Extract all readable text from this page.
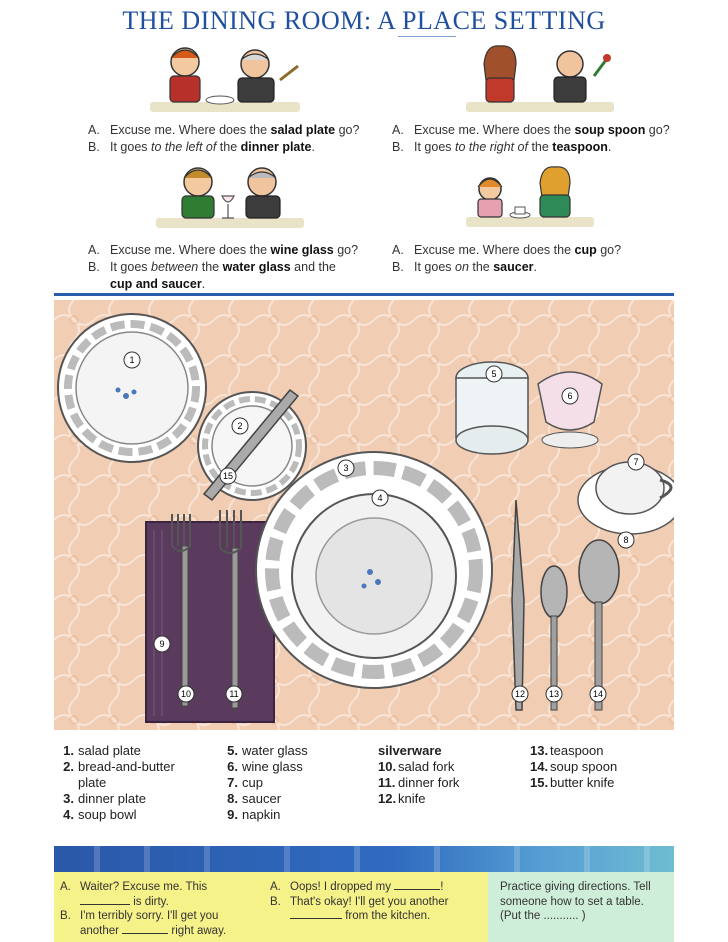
THE DINING ROOM: A PLACE SETTING
A. Excuse me. Where does the salad plate go?
B. It goes to the left of the dinner plate.
A. Excuse me. Where does the soup spoon go?
B. It goes to the right of the teaspoon.
A. Excuse me. Where does the wine glass go?
B. It goes between the water glass and the
cup and saucer.
A. Excuse me. Where does the cup go?
B. It goes on the saucer.
1
2
3
4
5
6
7
8
9
10	11	12	13	14
15
1. salad plate
2. bread-and-butter
plate
3. dinner plate
4. soup bowl
5. water glass
6. wine glass
7. cup
8. saucer
9. napkin
silverware
10. salad fork
11. dinner fork
12. knife
13. teaspoon
14. soup spoon
15. butter knife
A. Waiter? Excuse me. This
is dirty.
B. I'm terribly sorry. I'll get you
another	right away.
A. Oops! I dropped my	!
B. That's okay! I'll get you another
from the kitchen.
Practice giving directions. Tell
someone how to set a table.
(Put the ........... )
